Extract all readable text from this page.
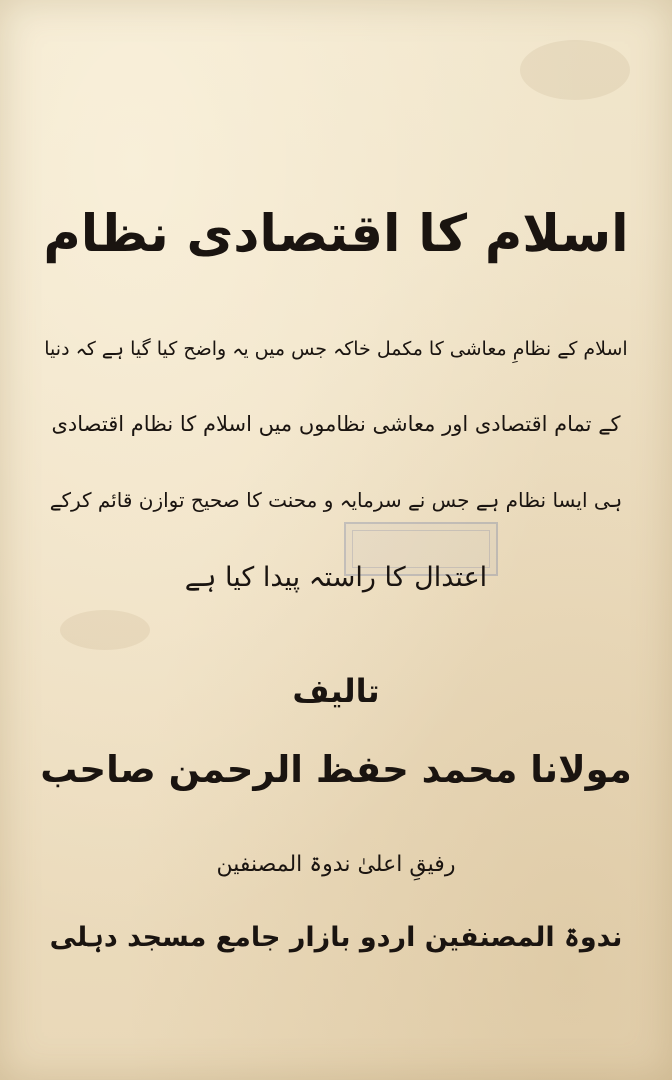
اسلام کا اقتصادی نظام
اسلام کے نظامِ معاشی کا مکمل خاکہ جس میں یہ واضح کیا گیا ہے کہ دنیا
کے تمام اقتصادی اور معاشی نظاموں میں اسلام کا نظام اقتصادی
ہی ایسا نظام ہے جس نے سرمایہ و محنت کا صحیح توازن قائم کرکے
اعتدال کا راستہ پیدا کیا ہے
تالیف
مولانا محمد حفظ الرحمن صاحب
رفیقِ اعلیٰ ندوۃ المصنفین
ندوۃ المصنفین اردو بازار جامع مسجد دہلی
